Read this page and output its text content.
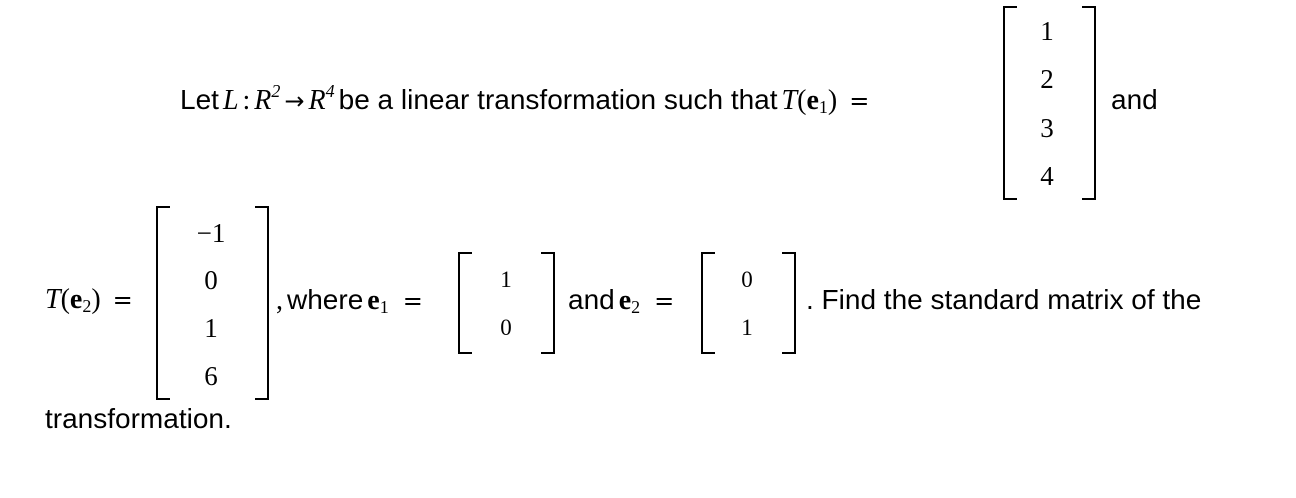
Let L : $R^2 \to R^4$ be a linear transformation such that $T(e_1)$ =
1
2
3
4
and
$T(e_2)$ =
−1
0
1
6
, where $e_1$ =
1
0
and $e_2$ =
0
1
. Find the standard matrix of the
transformation.
